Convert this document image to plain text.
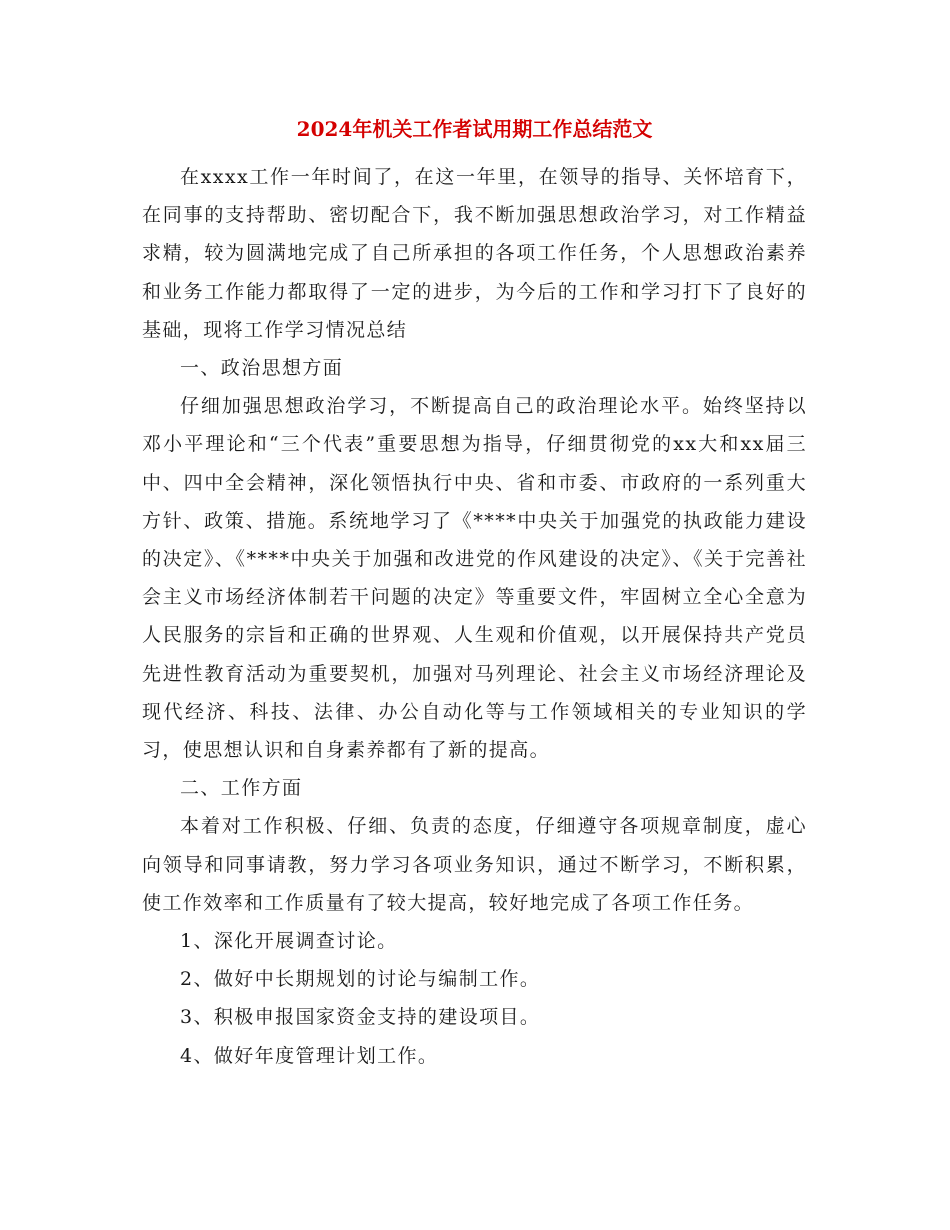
2024年机关工作者试用期工作总结范文

在xxxx工作一年时间了，在这一年里，在领导的指导、关怀培育下，在同事的支持帮助、密切配合下，我不断加强思想政治学习，对工作精益求精，较为圆满地完成了自己所承担的各项工作任务，个人思想政治素养和业务工作能力都取得了一定的进步，为今后的工作和学习打下了良好的基础，现将工作学习情况总结

一、政治思想方面

仔细加强思想政治学习，不断提高自己的政治理论水平。始终坚持以邓小平理论和“三个代表”重要思想为指导，仔细贯彻党的xx大和xx届三中、四中全会精神，深化领悟执行中央、省和市委、市政府的一系列重大方针、政策、措施。系统地学习了《****中央关于加强党的执政能力建设的决定》、《****中央关于加强和改进党的作风建设的决定》、《关于完善社会主义市场经济体制若干问题的决定》等重要文件，牢固树立全心全意为人民服务的宗旨和正确的世界观、人生观和价值观，以开展保持共产党员先进性教育活动为重要契机，加强对马列理论、社会主义市场经济理论及现代经济、科技、法律、办公自动化等与工作领域相关的专业知识的学习，使思想认识和自身素养都有了新的提高。

二、工作方面

本着对工作积极、仔细、负责的态度，仔细遵守各项规章制度，虚心向领导和同事请教，努力学习各项业务知识，通过不断学习，不断积累，使工作效率和工作质量有了较大提高，较好地完成了各项工作任务。

1、深化开展调查讨论。

2、做好中长期规划的讨论与编制工作。

3、积极申报国家资金支持的建设项目。

4、做好年度管理计划工作。
